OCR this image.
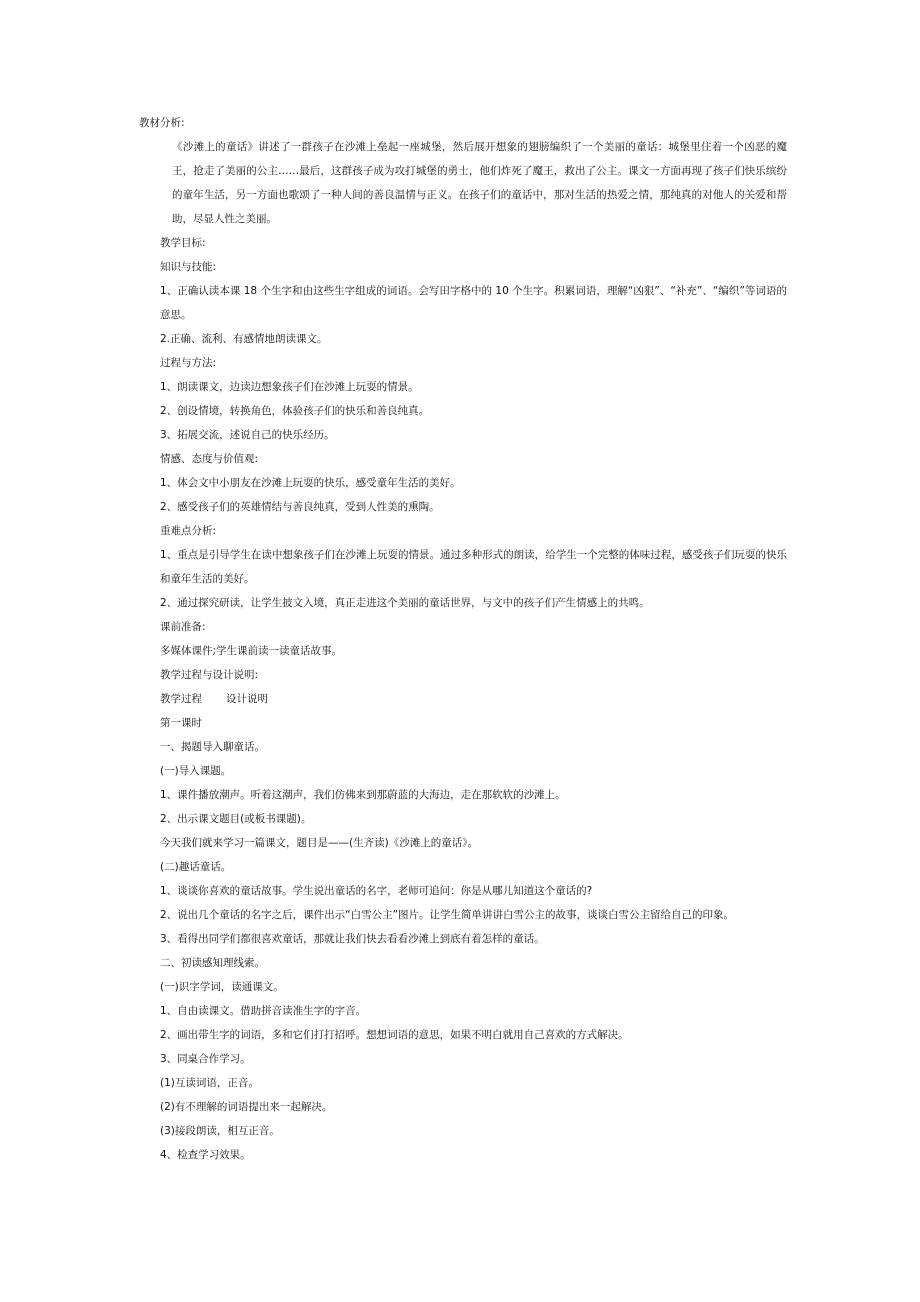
教材分析:
《沙滩上的童话》讲述了一群孩子在沙滩上垒起一座城堡，然后展开想象的翅膀编织了一个美丽的童话：城堡里住着一个凶恶的魔王，抢走了美丽的公主……最后，这群孩子成为攻打城堡的勇士，他们炸死了魔王，救出了公主。课文一方面再现了孩子们快乐缤纷的童年生活，另一方面也歌颂了一种人间的善良温情与正义。在孩子们的童话中，那对生活的热爱之情，那纯真的对他人的关爱和帮助，尽显人性之美丽。
教学目标:
知识与技能:
1、正确认读本课 18 个生字和由这些生字组成的词语。会写田字格中的 10 个生字。积累词语，理解“凶狠”、“补充”、“编织”等词语的意思。
2.正确、流利、有感情地朗读课文。
过程与方法:
1、朗读课文，边读边想象孩子们在沙滩上玩耍的情景。
2、创设情境，转换角色，体验孩子们的快乐和善良纯真。
3、拓展交流，述说自己的快乐经历。
情感、态度与价值观:
1、体会文中小朋友在沙滩上玩耍的快乐，感受童年生活的美好。
2、感受孩子们的英雄情结与善良纯真，受到人性美的熏陶。
重难点分析:
1、重点是引导学生在读中想象孩子们在沙滩上玩耍的情景。通过多种形式的朗读，给学生一个完整的体味过程，感受孩子们玩耍的快乐和童年生活的美好。
2、通过探究研读，让学生披文入境，真正走进这个美丽的童话世界，与文中的孩子们产生情感上的共鸣。
课前准备:
多媒体课件;学生课前读一读童话故事。
教学过程与设计说明:
教学过程 设计说明
第一课时
一、揭题导入聊童话。
(一)导入课题。
1、课件播放潮声。听着这潮声，我们仿佛来到那蔚蓝的大海边，走在那软软的沙滩上。
2、出示课文题目(或板书课题)。
今天我们就来学习一篇课文，题目是——(生齐读)《沙滩上的童话》。
(二)趣话童话。
1、谈谈你喜欢的童话故事。学生说出童话的名字，老师可追问：你是从哪儿知道这个童话的?
2、说出几个童话的名字之后，课件出示“白雪公主”图片。让学生简单讲讲白雪公主的故事，谈谈白雪公主留给自己的印象。
3、看得出同学们都很喜欢童话，那就让我们快去看看沙滩上到底有着怎样的童话。
二、初读感知理线索。
(一)识字学词，读通课文。
1、自由读课文。借助拼音读准生字的字音。
2、画出带生字的词语，多和它们打打招呼。想想词语的意思，如果不明白就用自己喜欢的方式解决。
3、同桌合作学习。
(1)互读词语，正音。
(2)有不理解的词语提出来一起解决。
(3)接段朗读，相互正音。
4、检查学习效果。
